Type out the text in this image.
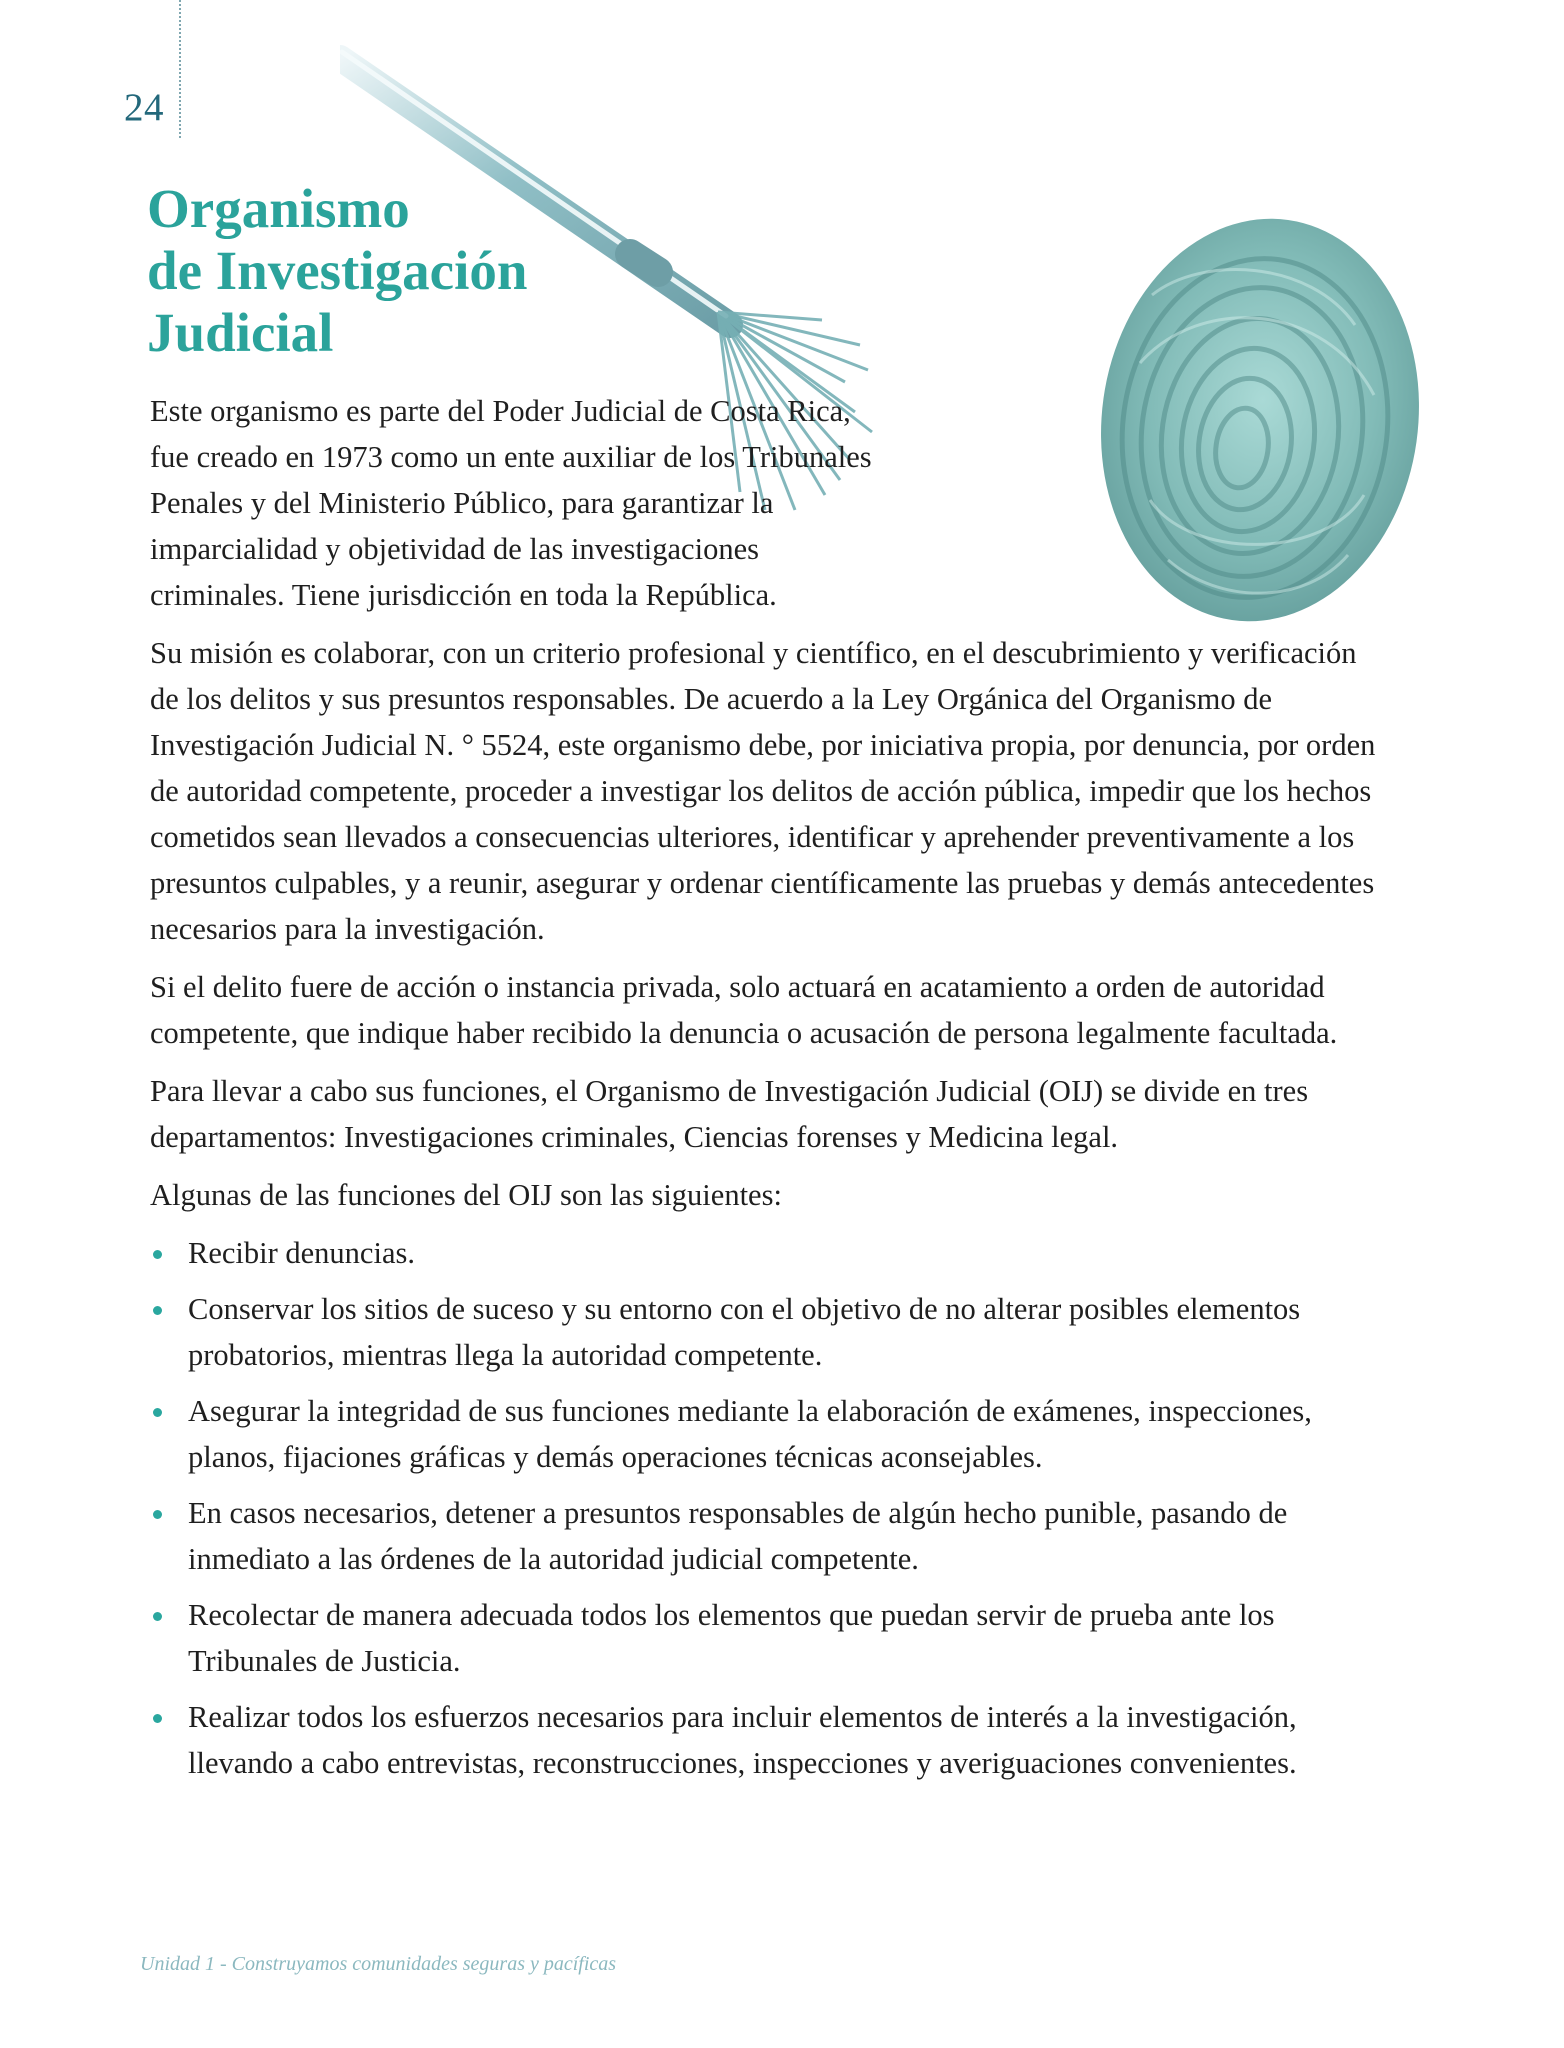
24
Organismo
de Investigación
Judicial

Este organismo es parte del Poder Judicial de Costa Rica, fue creado en 1973 como un ente auxiliar de los Tribunales Penales y del Ministerio Público, para garantizar la imparcialidad y objetividad de las investigaciones criminales. Tiene jurisdicción en toda la República.

Su misión es colaborar, con un criterio profesional y científico, en el descubrimiento y verificación de los delitos y sus presuntos responsables. De acuerdo a la Ley Orgánica del Organismo de Investigación Judicial N. ° 5524, este organismo debe, por iniciativa propia, por denuncia, por orden de autoridad competente, proceder a investigar los delitos de acción pública, impedir que los hechos cometidos sean llevados a consecuencias ulteriores, identificar y aprehender preventivamente a los presuntos culpables, y a reunir, asegurar y ordenar científicamente las pruebas y demás antecedentes necesarios para la investigación.

Si el delito fuere de acción o instancia privada, solo actuará en acatamiento a orden de autoridad competente, que indique haber recibido la denuncia o acusación de persona legalmente facultada.

Para llevar a cabo sus funciones, el Organismo de Investigación Judicial (OIJ) se divide en tres departamentos: Investigaciones criminales, Ciencias forenses y Medicina legal.

Algunas de las funciones del OIJ son las siguientes:

Recibir denuncias.
Conservar los sitios de suceso y su entorno con el objetivo de no alterar posibles elementos probatorios, mientras llega la autoridad competente.
Asegurar la integridad de sus funciones mediante la elaboración de exámenes, inspecciones, planos, fijaciones gráficas y demás operaciones técnicas aconsejables.
En casos necesarios, detener a presuntos responsables de algún hecho punible, pasando de inmediato a las órdenes de la autoridad judicial competente.
Recolectar de manera adecuada todos los elementos que puedan servir de prueba ante los Tribunales de Justicia.
Realizar todos los esfuerzos necesarios para incluir elementos de interés a la investigación, llevando a cabo entrevistas, reconstrucciones, inspecciones y averiguaciones convenientes.
Unidad 1 - Construyamos comunidades seguras y pacíficas
